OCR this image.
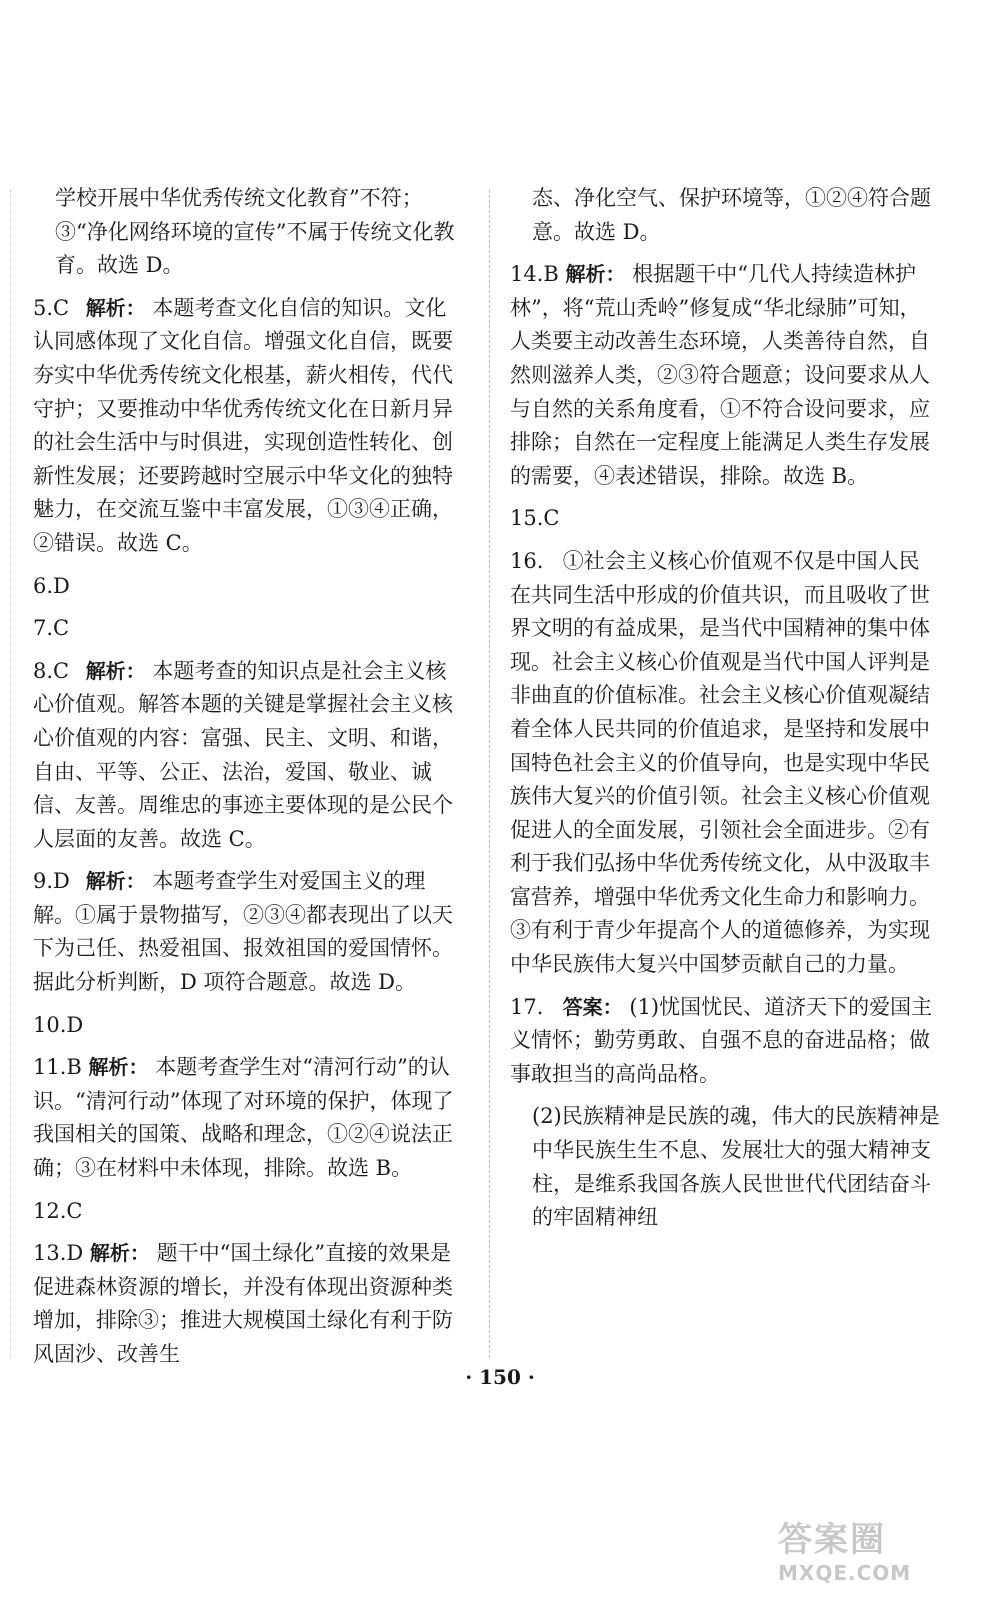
学校开展中华优秀传统文化教育”不符；③“净化网络环境的宣传”不属于传统文化教育。故选 D。
5.C 解析： 本题考查文化自信的知识。文化认同感体现了文化自信。增强文化自信，既要夯实中华优秀传统文化根基，薪火相传，代代守护；又要推动中华优秀传统文化在日新月异的社会生活中与时俱进，实现创造性转化、创新性发展；还要跨越时空展示中华文化的独特魅力，在交流互鉴中丰富发展，①③④正确，②错误。故选 C。
6.D
7.C
8.C 解析： 本题考查的知识点是社会主义核心价值观。解答本题的关键是掌握社会主义核心价值观的内容：富强、民主、文明、和谐，自由、平等、公正、法治，爱国、敬业、诚信、友善。周维忠的事迹主要体现的是公民个人层面的友善。故选 C。
9.D 解析： 本题考查学生对爱国主义的理解。①属于景物描写，②③④都表现出了以天下为己任、热爱祖国、报效祖国的爱国情怀。据此分析判断，D 项符合题意。故选 D。
10.D
11.B 解析： 本题考查学生对“清河行动”的认识。“清河行动”体现了对环境的保护，体现了我国相关的国策、战略和理念，①②④说法正确；③在材料中未体现，排除。故选 B。
12.C
13.D 解析： 题干中“国土绿化”直接的效果是促进森林资源的增长，并没有体现出资源种类增加，排除③；推进大规模国土绿化有利于防风固沙、改善生
态、净化空气、保护环境等，①②④符合题意。故选 D。
14.B 解析： 根据题干中“几代人持续造林护林”，将“荒山秃岭”修复成“华北绿肺”可知，人类要主动改善生态环境，人类善待自然，自然则滋养人类，②③符合题意；设问要求从人与自然的关系角度看，①不符合设问要求，应排除；自然在一定程度上能满足人类生存发展的需要，④表述错误，排除。故选 B。
15.C
16. ①社会主义核心价值观不仅是中国人民在共同生活中形成的价值共识，而且吸收了世界文明的有益成果，是当代中国精神的集中体现。社会主义核心价值观是当代中国人评判是非曲直的价值标准。社会主义核心价值观凝结着全体人民共同的价值追求，是坚持和发展中国特色社会主义的价值导向，也是实现中华民族伟大复兴的价值引领。社会主义核心价值观促进人的全面发展，引领社会全面进步。②有利于我们弘扬中华优秀传统文化，从中汲取丰富营养，增强中华优秀文化生命力和影响力。③有利于青少年提高个人的道德修养，为实现中华民族伟大复兴中国梦贡献自己的力量。
17. 答案： (1)忧国忧民、道济天下的爱国主义情怀；勤劳勇敢、自强不息的奋进品格；做事敢担当的高尚品格。
(2)民族精神是民族的魂，伟大的民族精神是中华民族生生不息、发展壮大的强大精神支柱，是维系我国各族人民世世代代团结奋斗的牢固精神纽
· 150 ·
答案圈
MXQE.COM
